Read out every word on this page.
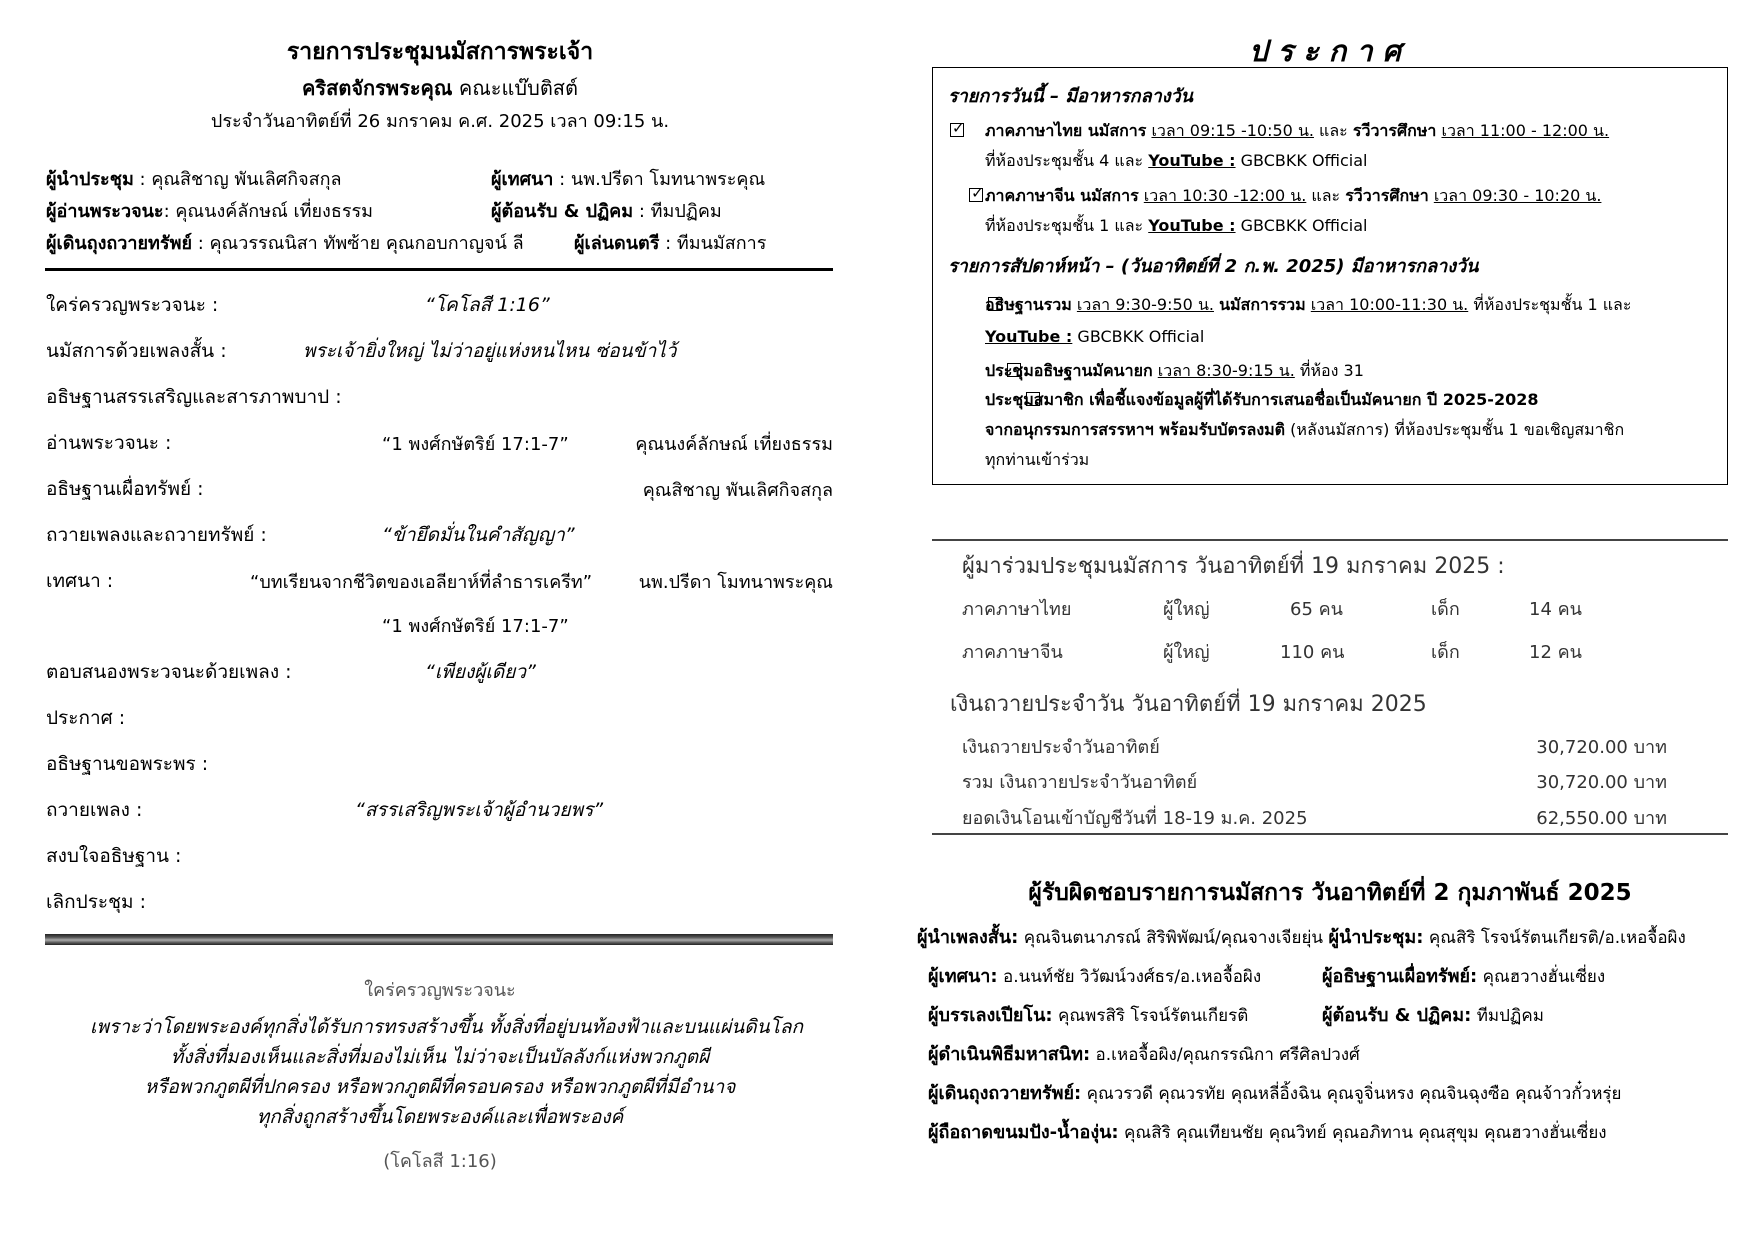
รายการประชุมนมัสการพระเจ้า
คริสตจักรพระคุณ คณะแบ๊บติสต์
ประจำวันอาทิตย์ที่ 26 มกราคม ค.ศ. 2025 เวลา 09:15 น.
ผู้นำประชุม : คุณสิชาญ พันเลิศกิจสกุล	ผู้เทศนา : นพ.ปรีดา โมทนาพระคุณ
ผู้อ่านพระวจนะ: คุณนงค์ลักษณ์ เที่ยงธรรม	ผู้ต้อนรับ & ปฏิคม : ทีมปฏิคม
ผู้เดินถุงถวายทรัพย์ : คุณวรรณนิสา ทัพซ้าย คุณกอบกาญจน์ ลี	ผู้เล่นดนตรี : ทีมนมัสการ
ใคร่ครวญพระวจนะ :	“โคโลสี 1:16”
นมัสการด้วยเพลงสั้น :	พระเจ้ายิ่งใหญ่ ไม่ว่าอยู่แห่งหนไหน ซ่อนข้าไว้
อธิษฐานสรรเสริญและสารภาพบาป :
อ่านพระวจนะ :	“1 พงศ์กษัตริย์ 17:1-7”	คุณนงค์ลักษณ์ เที่ยงธรรม
อธิษฐานเผื่อทรัพย์ :	คุณสิชาญ พันเลิศกิจสกุล
ถวายเพลงและถวายทรัพย์ :	“ข้ายึดมั่นในคำสัญญา”
เทศนา :	“บทเรียนจากชีวิตของเอลียาห์ที่ลำธารเครีท”	นพ.ปรีดา โมทนาพระคุณ
“1 พงศ์กษัตริย์ 17:1-7”
ตอบสนองพระวจนะด้วยเพลง :	“เพียงผู้เดียว”
ประกาศ :
อธิษฐานขอพระพร :
ถวายเพลง :	“สรรเสริญพระเจ้าผู้อำนวยพร”
สงบใจอธิษฐาน :
เลิกประชุม :
ใคร่ครวญพระวจนะ
เพราะว่าโดยพระองค์ทุกสิ่งได้รับการทรงสร้างขึ้น ทั้งสิ่งที่อยู่บนท้องฟ้าและบนแผ่นดินโลก
ทั้งสิ่งที่มองเห็นและสิ่งที่มองไม่เห็น ไม่ว่าจะเป็นบัลลังก์แห่งพวกภูตผี
หรือพวกภูตผีที่ปกครอง หรือพวกภูตผีที่ครอบครอง หรือพวกภูตผีที่มีอำนาจ
ทุกสิ่งถูกสร้างขึ้นโดยพระองค์และเพื่อพระองค์
(โคโลสี 1:16)
ประกาศ
รายการวันนี้ – มีอาหารกลางวัน
✓
ภาคภาษาไทย นมัสการ เวลา 09:15 -10:50 น. และ รวีวารศึกษา เวลา 11:00 - 12:00 น.
ที่ห้องประชุมชั้น 4 และ YouTube : GBCBKK Official
✓
ภาคภาษาจีน นมัสการ เวลา 10:30 -12:00 น. และ รวีวารศึกษา เวลา 09:30 - 10:20 น.
ที่ห้องประชุมชั้น 1 และ YouTube : GBCBKK Official
รายการสัปดาห์หน้า – (วันอาทิตย์ที่ 2 ก.พ. 2025) มีอาหารกลางวัน

อธิษฐานรวม เวลา 9:30-9:50 น. นมัสการรวม เวลา 10:00-11:30 น. ที่ห้องประชุมชั้น 1 และ
YouTube : GBCBKK Official

ประชุมอธิษฐานมัคนายก เวลา 8:30-9:15 น. ที่ห้อง 31
ประชุมสมาชิก เพื่อชี้แจงข้อมูลผู้ที่ได้รับการเสนอชื่อเป็นมัคนายก ปี 2025-2028
จากอนุกรรมการสรรหาฯ พร้อมรับบัตรลงมติ (หลังนมัสการ) ที่ห้องประชุมชั้น 1 ขอเชิญสมาชิก
ทุกท่านเข้าร่วม
ผู้มาร่วมประชุมนมัสการ วันอาทิตย์ที่ 19 มกราคม 2025 :
ภาคภาษาไทย	ผู้ใหญ่	65 คน	เด็ก	14 คน
ภาคภาษาจีน	ผู้ใหญ่	110 คน	เด็ก	12 คน
เงินถวายประจำวัน วันอาทิตย์ที่ 19 มกราคม 2025
เงินถวายประจำวันอาทิตย์	30,720.00 บาท
รวม เงินถวายประจำวันอาทิตย์	30,720.00 บาท
ยอดเงินโอนเข้าบัญชีวันที่ 18-19 ม.ค. 2025	62,550.00 บาท
ผู้รับผิดชอบรายการนมัสการ วันอาทิตย์ที่ 2 กุมภาพันธ์ 2025
ผู้นำเพลงสั้น: คุณจินตนาภรณ์ สิริพิพัฒน์/คุณจางเจียยุ่น ผู้นำประชุม: คุณสิริ โรจน์รัตนเกียรติ/อ.เหอจื้อผิง
ผู้เทศนา: อ.นนท์ชัย วิวัฒน์วงศ์ธร/อ.เหอจื้อผิง	ผู้อธิษฐานเผื่อทรัพย์: คุณฮวางฮั่นเซี่ยง
ผู้บรรเลงเปียโน: คุณพรสิริ โรจน์รัตนเกียรติ	ผู้ต้อนรับ & ปฏิคม: ทีมปฏิคม
ผู้ดำเนินพิธีมหาสนิท: อ.เหอจื้อผิง/คุณกรรณิกา ศรีศิลปวงศ์
ผู้เดินถุงถวายทรัพย์: คุณวรวดี คุณวรทัย คุณหลี่อิ้งฉิน คุณจูจิ่นหรง คุณจินฉุงซือ คุณจ้าวกั๋วหรุ่ย
ผู้ถือถาดขนมปัง-น้ำองุ่น: คุณสิริ คุณเทียนชัย คุณวิทย์ คุณอภิทาน คุณสุขุม คุณฮวางฮั่นเซี่ยง
